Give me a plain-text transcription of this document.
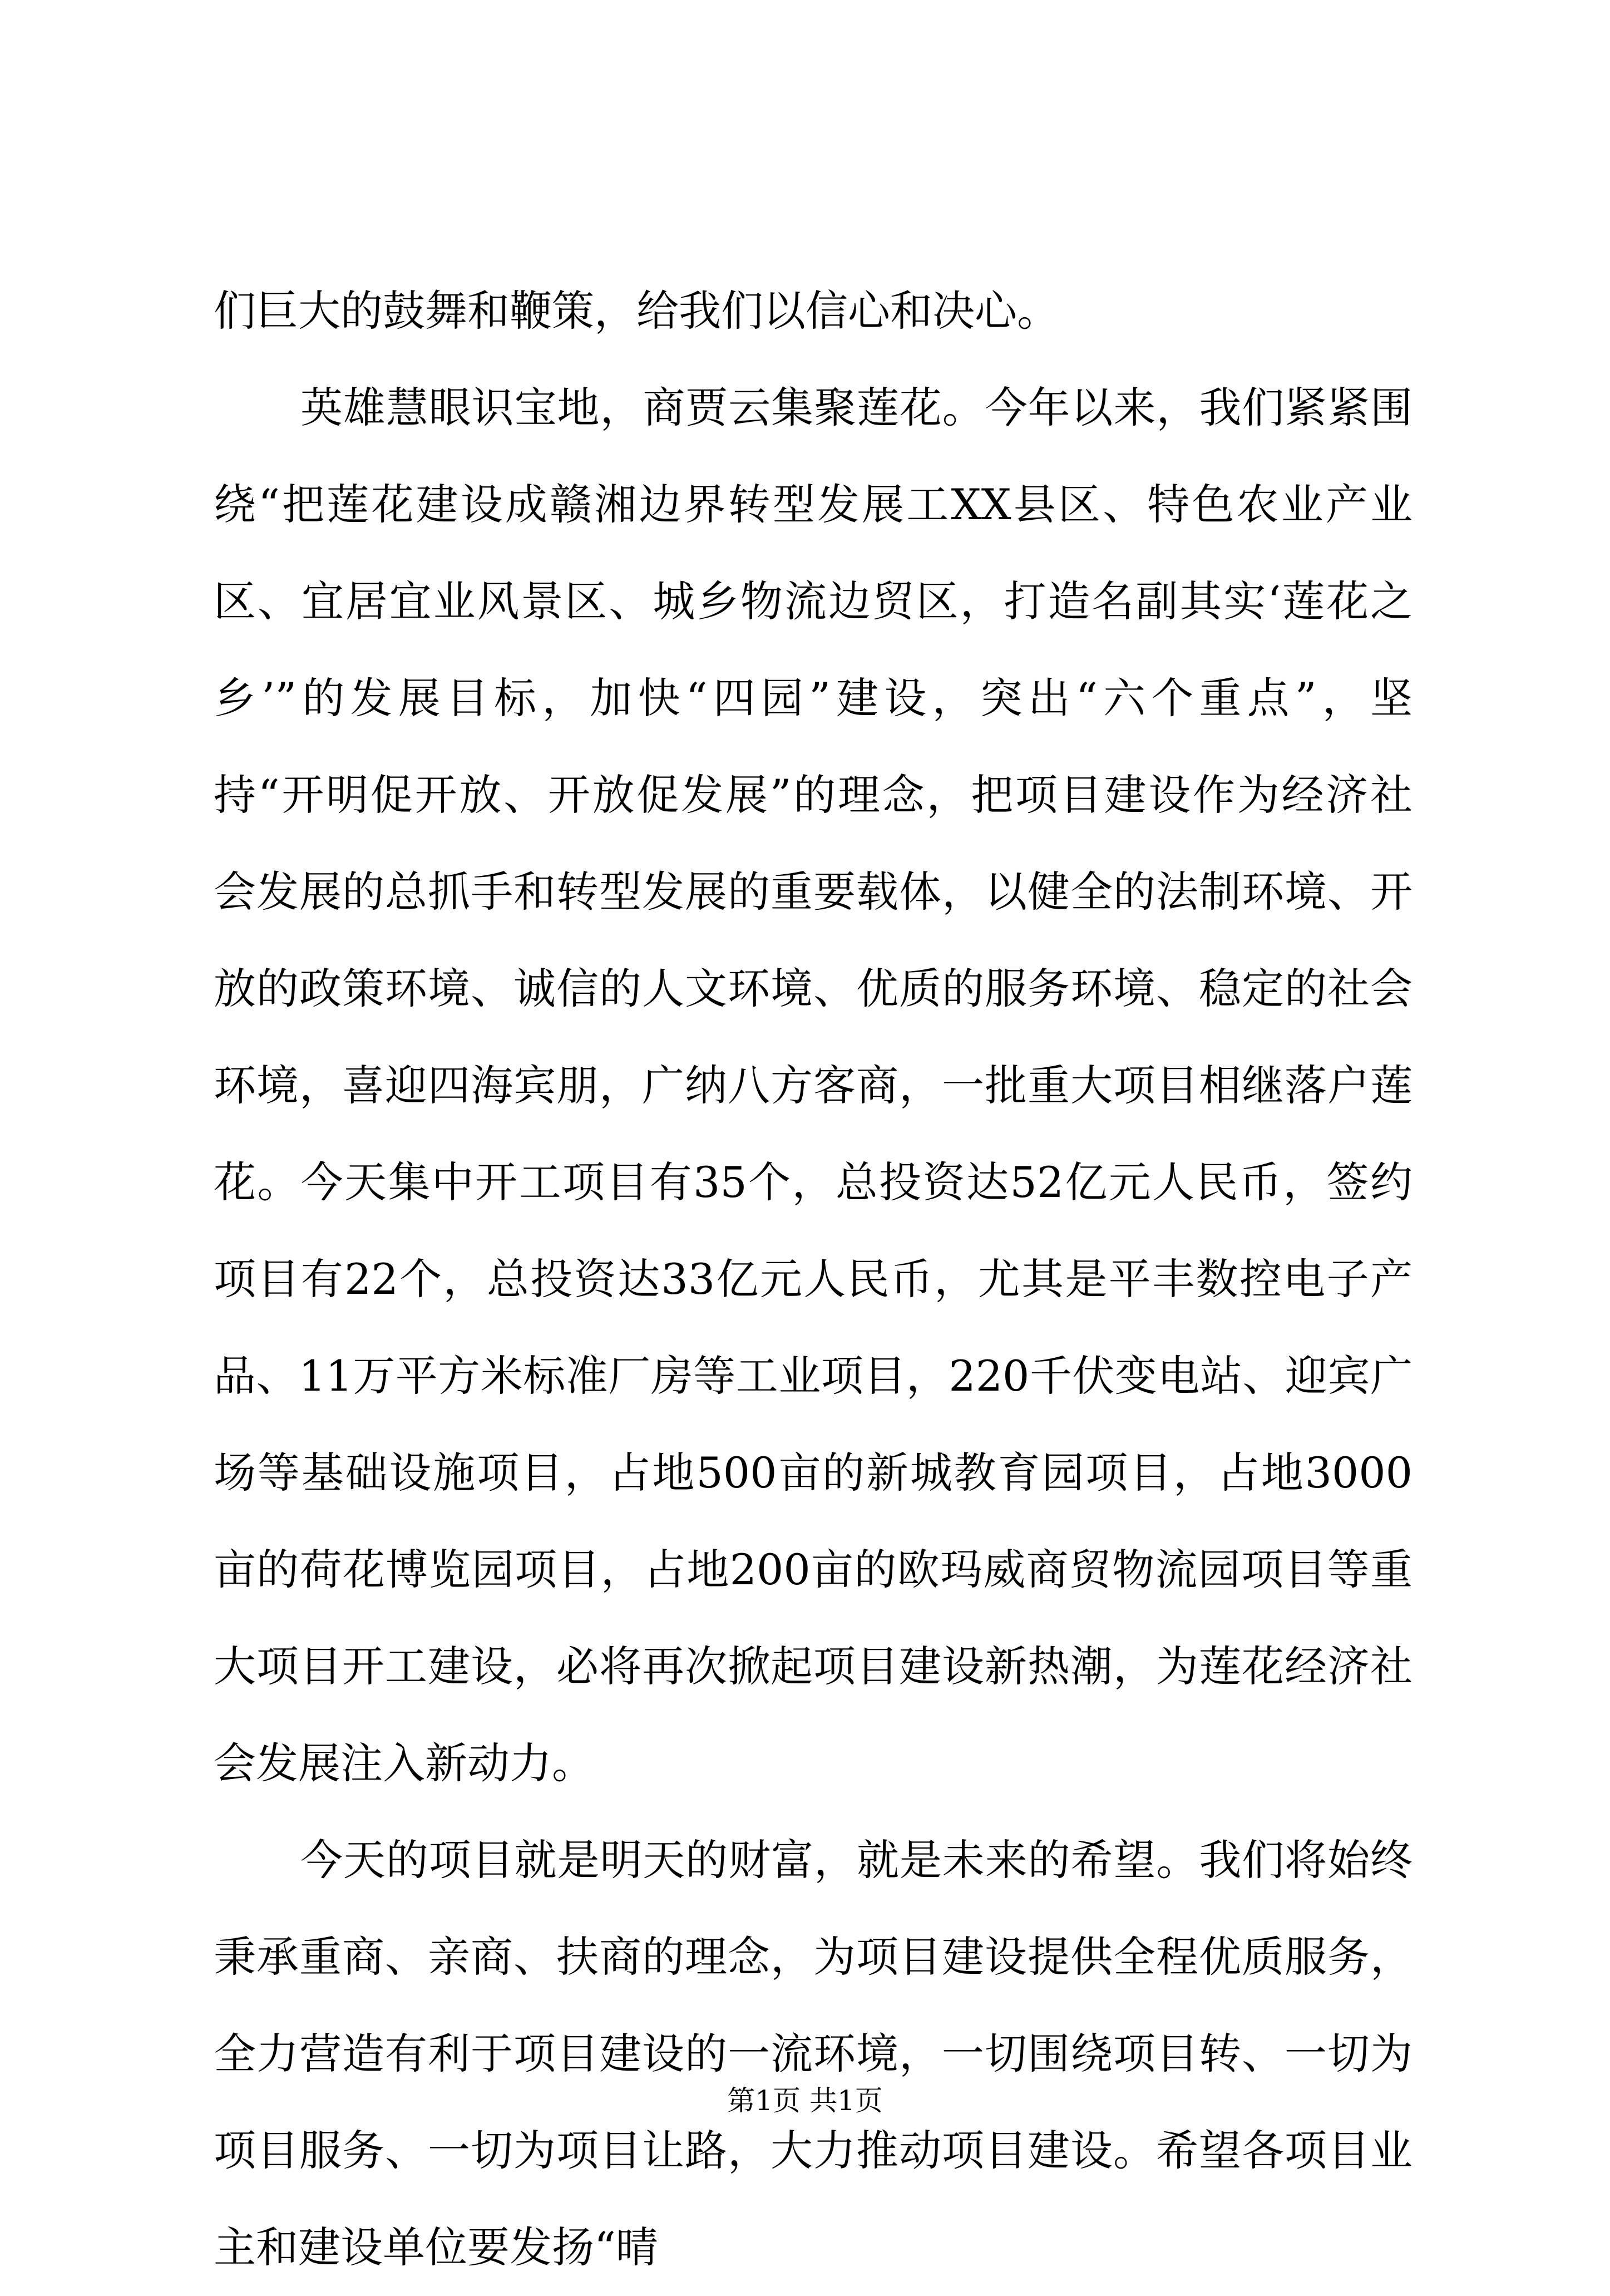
们巨大的鼓舞和鞭策，给我们以信心和决心。
英雄慧眼识宝地，商贾云集聚莲花。今年以来，我们紧紧围
绕“把莲花建设成赣湘边界转型发展工XX县区、特色农业产业
区、宜居宜业风景区、城乡物流边贸区，打造名副其实‘莲花之
乡’”的发展目标，加快“四园”建设，突出“六个重点”，坚
持“开明促开放、开放促发展”的理念，把项目建设作为经济社
会发展的总抓手和转型发展的重要载体，以健全的法制环境、开
放的政策环境、诚信的人文环境、优质的服务环境、稳定的社会
环境，喜迎四海宾朋，广纳八方客商，一批重大项目相继落户莲
花。今天集中开工项目有35个，总投资达52亿元人民币，签约
项目有22个，总投资达33亿元人民币，尤其是平丰数控电子产
品、11万平方米标准厂房等工业项目，220千伏变电站、迎宾广
场等基础设施项目，占地500亩的新城教育园项目，占地3000
亩的荷花博览园项目，占地200亩的欧玛威商贸物流园项目等重
大项目开工建设，必将再次掀起项目建设新热潮，为莲花经济社
会发展注入新动力。
今天的项目就是明天的财富，就是未来的希望。我们将始终
秉承重商、亲商、扶商的理念，为项目建设提供全程优质服务，
全力营造有利于项目建设的一流环境，一切围绕项目转、一切为
项目服务、一切为项目让路，大力推动项目建设。希望各项目业
主和建设单位要发扬“晴
第1页 共1页
